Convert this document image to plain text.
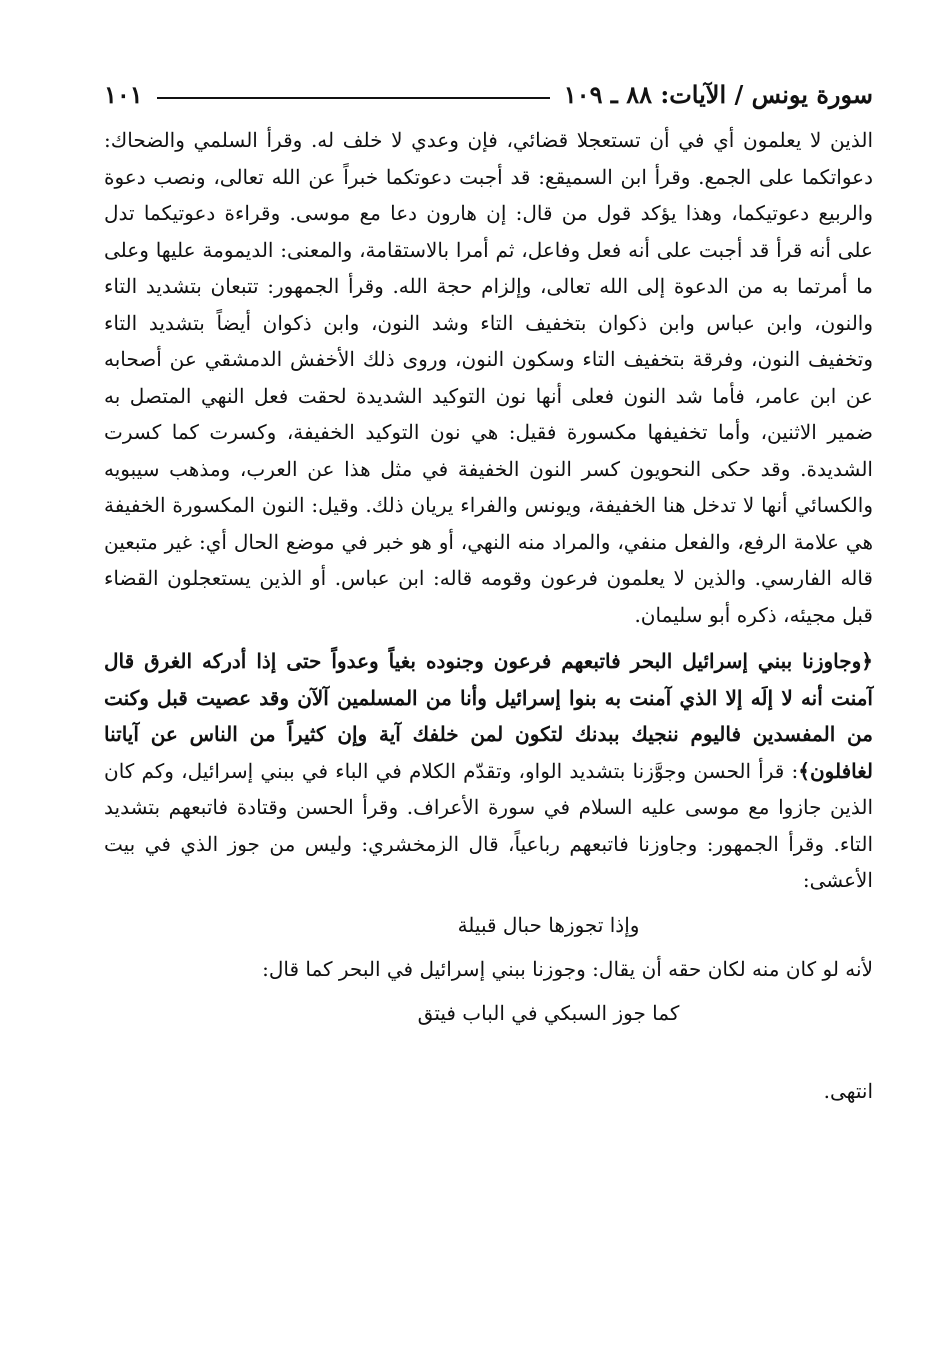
سورة يونس / الآيات: ٨٨ ـ ١٠٩
١٠١

الذين لا يعلمون أي في أن تستعجلا قضائي، فإن وعدي لا خلف له. وقرأ السلمي والضحاك: دعواتكما على الجمع. وقرأ ابن السميقع: قد أجبت دعوتكما خبراً عن الله تعالى، ونصب دعوة والربيع دعوتيكما، وهذا يؤكد قول من قال: إن هارون دعا مع موسى. وقراءة دعوتيكما تدل على أنه قرأ قد أجبت على أنه فعل وفاعل، ثم أمرا بالاستقامة، والمعنى: الديمومة عليها وعلى ما أمرتما به من الدعوة إلى الله تعالى، وإلزام حجة الله. وقرأ الجمهور: تتبعان بتشديد التاء والنون، وابن عباس وابن ذكوان بتخفيف التاء وشد النون، وابن ذكوان أيضاً بتشديد التاء وتخفيف النون، وفرقة بتخفيف التاء وسكون النون، وروى ذلك الأخفش الدمشقي عن أصحابه عن ابن عامر، فأما شد النون فعلى أنها نون التوكيد الشديدة لحقت فعل النهي المتصل به ضمير الاثنين، وأما تخفيفها مكسورة فقيل: هي نون التوكيد الخفيفة، وكسرت كما كسرت الشديدة. وقد حكى النحويون كسر النون الخفيفة في مثل هذا عن العرب، ومذهب سيبويه والكسائي أنها لا تدخل هنا الخفيفة، ويونس والفراء يريان ذلك. وقيل: النون المكسورة الخفيفة هي علامة الرفع، والفعل منفي، والمراد منه النهي، أو هو خبر في موضع الحال أي: غير متبعين قاله الفارسي. والذين لا يعلمون فرعون وقومه قاله: ابن عباس. أو الذين يستعجلون القضاء قبل مجيئه، ذكره أبو سليمان.

﴿وجاوزنا ببني إسرائيل البحر فاتبعهم فرعون وجنوده بغياً وعدواً حتى إذا أدركه الغرق قال آمنت أنه لا إلَه إلا الذي آمنت به بنوا إسرائيل وأنا من المسلمين آلآن وقد عصيت قبل وكنت من المفسدين فاليوم ننجيك ببدنك لتكون لمن خلفك آية وإن كثيراً من الناس عن آياتنا لغافلون﴾: قرأ الحسن وجوَّزنا بتشديد الواو، وتقدّم الكلام في الباء في ببني إسرائيل، وكم كان الذين جازوا مع موسى عليه السلام في سورة الأعراف. وقرأ الحسن وقتادة فاتبعهم بتشديد التاء. وقرأ الجمهور: وجاوزنا فاتبعهم رباعياً، قال الزمخشري: وليس من جوز الذي في بيت الأعشى:

وإذا تجوزها حبال قبيلة

لأنه لو كان منه لكان حقه أن يقال: وجوزنا ببني إسرائيل في البحر كما قال:

كما جوز السبكي في الباب فيتق

انتهى.
